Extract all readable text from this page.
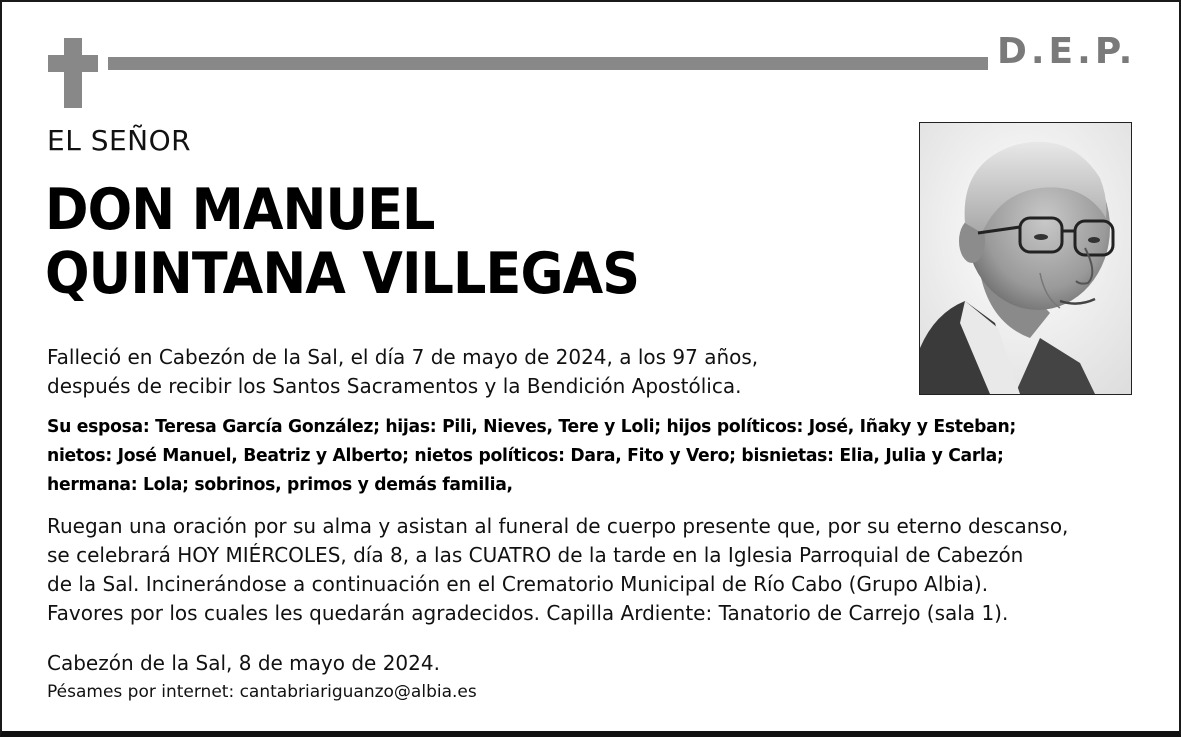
D.E.P.
EL SEÑOR
DON MANUEL
QUINTANA VILLEGAS
Falleció en Cabezón de la Sal, el día 7 de mayo de 2024, a los 97 años,
después de recibir los Santos Sacramentos y la Bendición Apostólica.
Su esposa: Teresa García González; hijas: Pili, Nieves, Tere y Loli; hijos políticos: José, Iñaky y Esteban;
nietos: José Manuel, Beatriz y Alberto; nietos políticos: Dara, Fito y Vero; bisnietas: Elia, Julia y Carla;
hermana: Lola; sobrinos, primos y demás familia,
Ruegan una oración por su alma y asistan al funeral de cuerpo presente que, por su eterno descanso,
se celebrará HOY MIÉRCOLES, día 8, a las CUATRO de la tarde en la Iglesia Parroquial de Cabezón
de la Sal. Incinerándose a continuación en el Crematorio Municipal de Río Cabo (Grupo Albia).
Favores por los cuales les quedarán agradecidos. Capilla Ardiente: Tanatorio de Carrejo (sala 1).
Cabezón de la Sal, 8 de mayo de 2024.
Pésames por internet: cantabriariguanzo@albia.es
